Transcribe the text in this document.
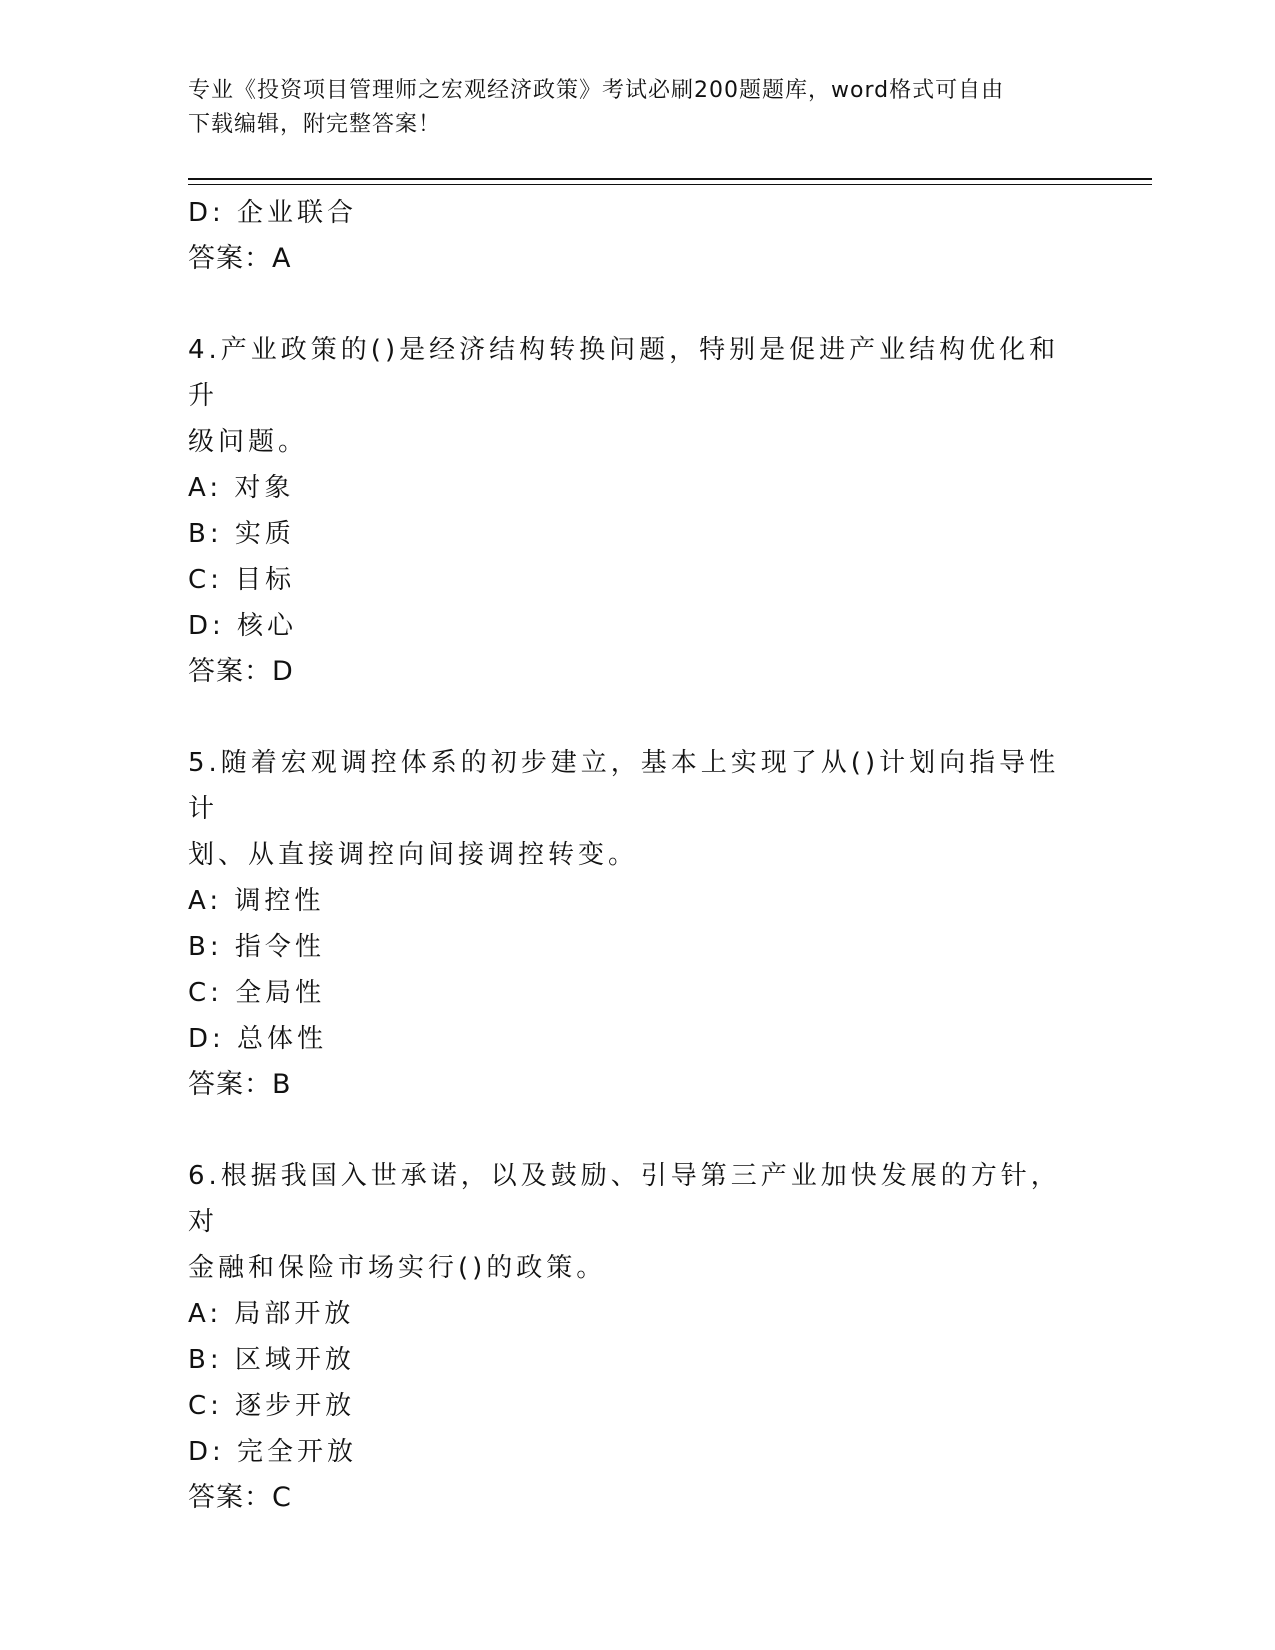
专业《投资项目管理师之宏观经济政策》考试必刷200题题库，word格式可自由
下载编辑，附完整答案！
D: 企业联合
答案：A
4.产业政策的()是经济结构转换问题，特别是促进产业结构优化和升
级问题。
A: 对象
B: 实质
C: 目标
D: 核心
答案：D
5.随着宏观调控体系的初步建立，基本上实现了从()计划向指导性计
划、从直接调控向间接调控转变。
A: 调控性
B: 指令性
C: 全局性
D: 总体性
答案：B
6.根据我国入世承诺，以及鼓励、引导第三产业加快发展的方针，对
金融和保险市场实行()的政策。
A: 局部开放
B: 区域开放
C: 逐步开放
D: 完全开放
答案：C
